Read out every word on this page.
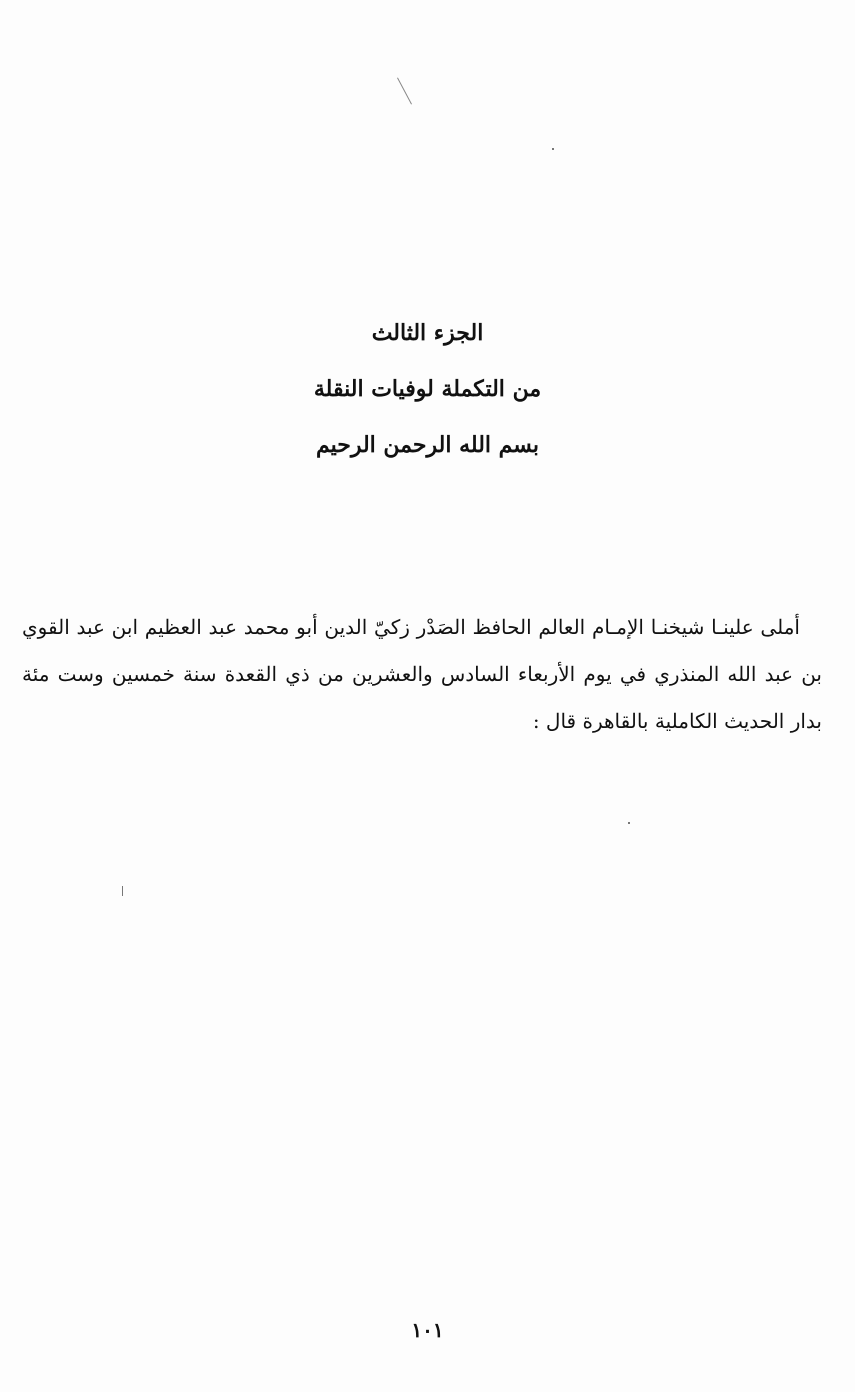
الجزء الثالث
من التكملة لوفيات النقلة
بسم الله الرحمن الرحيم

أملى علينـا شيخنـا الإمـام العالم الحافظ الصَدْر زكيّ الدين أبو محمد عبد العظيم ابن عبد القوي بن عبد الله المنذري في يوم الأربعاء السادس والعشرين من ذي القعدة سنة خمسين وست مئة بدار الحديث الكاملية بالقاهرة قال :

١٠١
